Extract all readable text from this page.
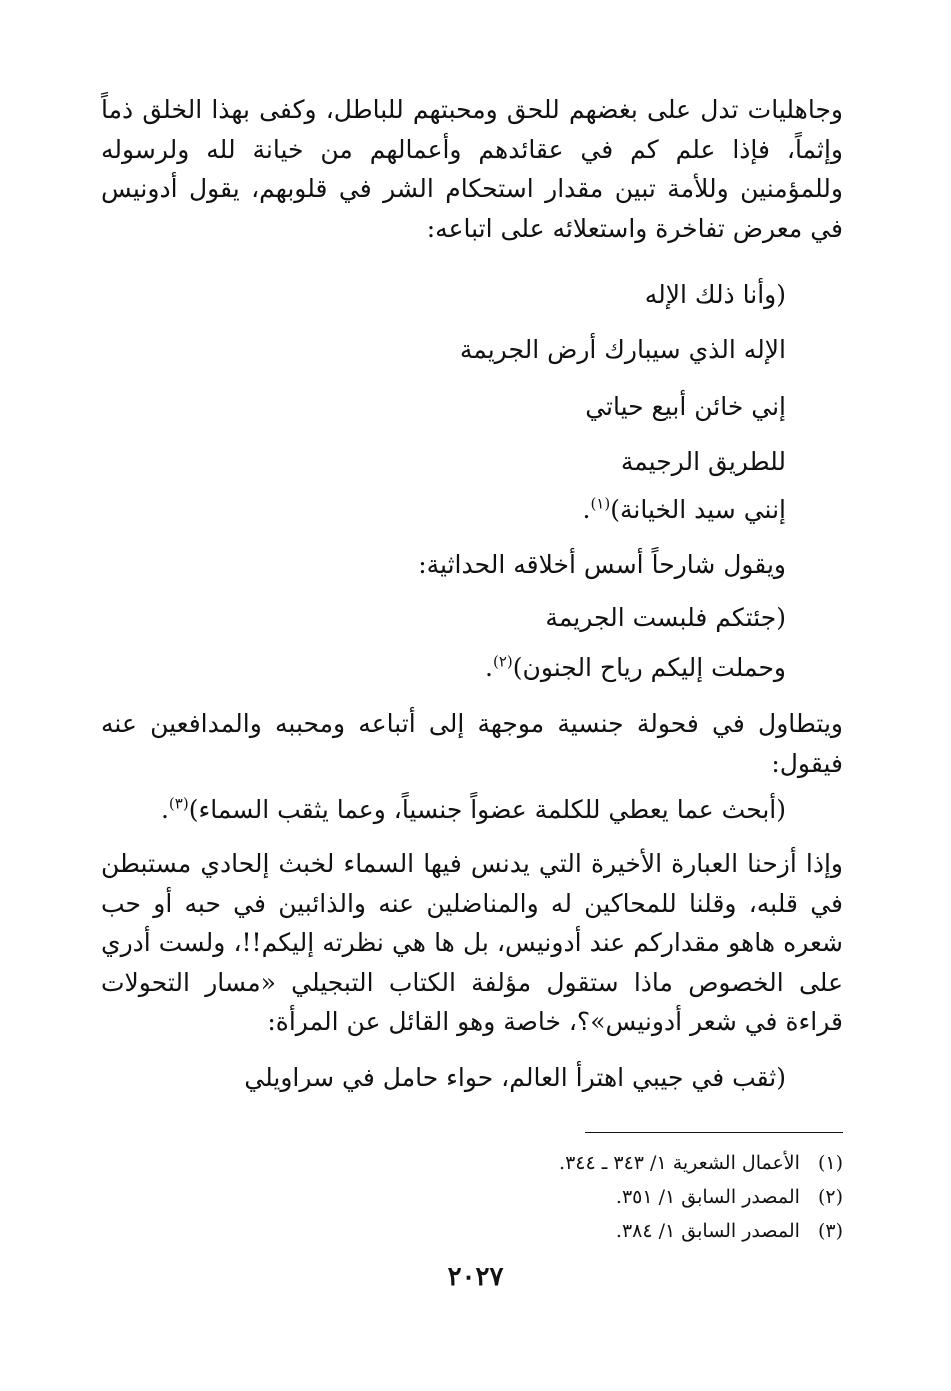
وجاهليات تدل على بغضهم للحق ومحبتهم للباطل، وكفى بهذا الخلق ذماً وإثماً، فإذا علم كم في عقائدهم وأعمالهم من خيانة لله ولرسوله وللمؤمنين وللأمة تبين مقدار استحكام الشر في قلوبهم، يقول أدونيس في معرض تفاخرة واستعلائه على اتباعه:

(وأنا ذلك الإله

الإله الذي سيبارك أرض الجريمة

إني خائن أبيع حياتي

للطريق الرجيمة

إنني سيد الخيانة)$^{(١)}$.

ويقول شارحاً أسس أخلاقه الحداثية:

(جئتكم فلبست الجريمة

وحملت إليكم رياح الجنون)$^{(٢)}$.

ويتطاول في فحولة جنسية موجهة إلى أتباعه ومحببه والمدافعين عنه فيقول:

(أبحث عما يعطي للكلمة عضواً جنسياً، وعما يثقب السماء)$^{(٣)}$.

وإذا أزحنا العبارة الأخيرة التي يدنس فيها السماء لخبث إلحادي مستبطن في قلبه، وقلنا للمحاكين له والمناضلين عنه والذائبين في حبه أو حب شعره هاهو مقداركم عند أدونيس، بل ها هي نظرته إليكم!!، ولست أدري على الخصوص ماذا ستقول مؤلفة الكتاب التبجيلي «مسار التحولات قراءة في شعر أدونيس»؟، خاصة وهو القائل عن المرأة:

(ثقب في جيبي اهترأ العالم، حواء حامل في سراويلي

(١)الأعمال الشعرية ١/ ٣٤٣ ـ ٣٤٤.

(٢)المصدر السابق ١/ ٣٥١.

(٣)المصدر السابق ١/ ٣٨٤.

٢٠٢٧
